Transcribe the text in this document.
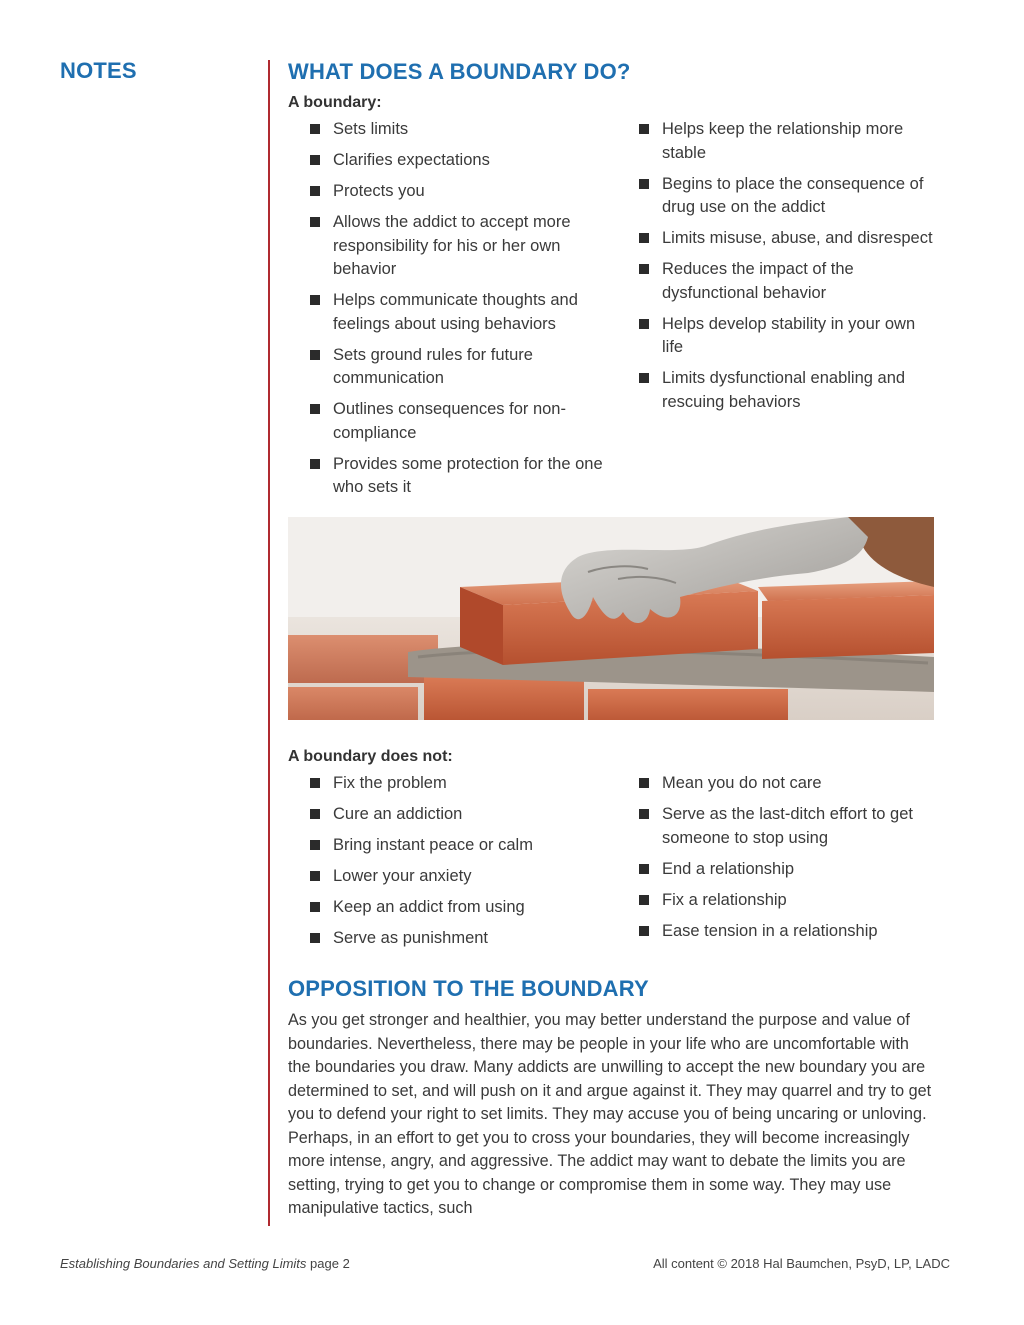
NOTES	WHAT DOES A BOUNDARY DO?
A boundary:
Sets limits
Clarifies expectations
Protects you
Allows the addict to accept more responsibility for his or her own behavior
Helps communicate thoughts and feelings about using behaviors
Sets ground rules for future communication
Outlines consequences for non-compliance
Provides some protection for the one who sets it
Helps keep the relationship more stable
Begins to place the consequence of drug use on the addict
Limits misuse, abuse, and disrespect
Reduces the impact of the dysfunctional behavior
Helps develop stability in your own life
Limits dysfunctional enabling and rescuing behaviors
A boundary does not:
Fix the problem
Cure an addiction
Bring instant peace or calm
Lower your anxiety
Keep an addict from using
Serve as punishment
Mean you do not care
Serve as the last-ditch effort to get someone to stop using
End a relationship
Fix a relationship
Ease tension in a relationship
OPPOSITION TO THE BOUNDARY

As you get stronger and healthier, you may better understand the purpose and value of boundaries. Nevertheless, there may be people in your life who are uncomfortable with the boundaries you draw. Many addicts are unwilling to accept the new boundary you are determined to set, and will push on it and argue against it. They may quarrel and try to get you to defend your right to set limits. They may accuse you of being uncaring or unloving. Perhaps, in an effort to get you to cross your boundaries, they will become increasingly more intense, angry, and aggressive. The addict may want to debate the limits you are setting, trying to get you to change or compromise them in some way. They may use manipulative tactics, such

Establishing Boundaries and Setting Limits page 2	All content © 2018 Hal Baumchen, PsyD, LP, LADC
